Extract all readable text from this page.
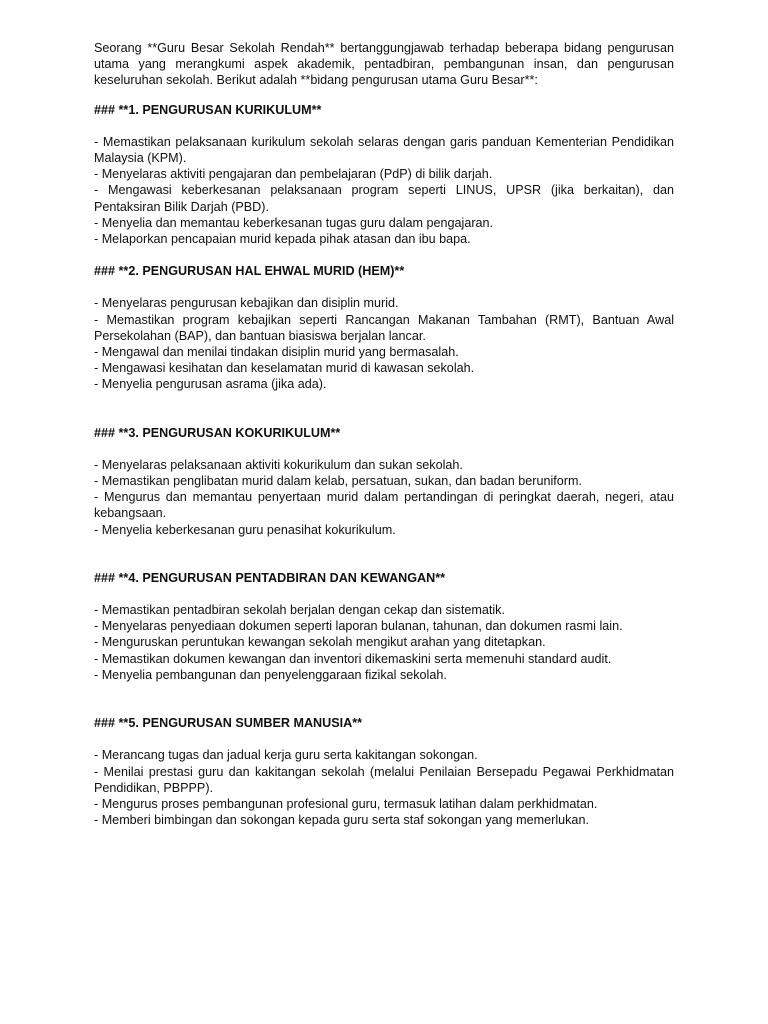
Seorang **Guru Besar Sekolah Rendah** bertanggungjawab terhadap beberapa bidang pengurusan utama yang merangkumi aspek akademik, pentadbiran, pembangunan insan, dan pengurusan keseluruhan sekolah. Berikut adalah **bidang pengurusan utama Guru Besar**:

### **1. PENGURUSAN KURIKULUM**

- Memastikan pelaksanaan kurikulum sekolah selaras dengan garis panduan Kementerian Pendidikan Malaysia (KPM).
- Menyelaras aktiviti pengajaran dan pembelajaran (PdP) di bilik darjah.
- Mengawasi keberkesanan pelaksanaan program seperti LINUS, UPSR (jika berkaitan), dan Pentaksiran Bilik Darjah (PBD).
- Menyelia dan memantau keberkesanan tugas guru dalam pengajaran.
- Melaporkan pencapaian murid kepada pihak atasan dan ibu bapa.

### **2. PENGURUSAN HAL EHWAL MURID (HEM)**

- Menyelaras pengurusan kebajikan dan disiplin murid.
- Memastikan program kebajikan seperti Rancangan Makanan Tambahan (RMT), Bantuan Awal Persekolahan (BAP), dan bantuan biasiswa berjalan lancar.
- Mengawal dan menilai tindakan disiplin murid yang bermasalah.
- Mengawasi kesihatan dan keselamatan murid di kawasan sekolah.
- Menyelia pengurusan asrama (jika ada).

### **3. PENGURUSAN KOKURIKULUM**

- Menyelaras pelaksanaan aktiviti kokurikulum dan sukan sekolah.
- Memastikan penglibatan murid dalam kelab, persatuan, sukan, dan badan beruniform.
- Mengurus dan memantau penyertaan murid dalam pertandingan di peringkat daerah, negeri, atau kebangsaan.
- Menyelia keberkesanan guru penasihat kokurikulum.

### **4. PENGURUSAN PENTADBIRAN DAN KEWANGAN**

- Memastikan pentadbiran sekolah berjalan dengan cekap dan sistematik.
- Menyelaras penyediaan dokumen seperti laporan bulanan, tahunan, dan dokumen rasmi lain.
- Menguruskan peruntukan kewangan sekolah mengikut arahan yang ditetapkan.
- Memastikan dokumen kewangan dan inventori dikemaskini serta memenuhi standard audit.
- Menyelia pembangunan dan penyelenggaraan fizikal sekolah.

### **5. PENGURUSAN SUMBER MANUSIA**

- Merancang tugas dan jadual kerja guru serta kakitangan sokongan.
- Menilai prestasi guru dan kakitangan sekolah (melalui Penilaian Bersepadu Pegawai Perkhidmatan Pendidikan, PBPPP).
- Mengurus proses pembangunan profesional guru, termasuk latihan dalam perkhidmatan.
- Memberi bimbingan dan sokongan kepada guru serta staf sokongan yang memerlukan.
